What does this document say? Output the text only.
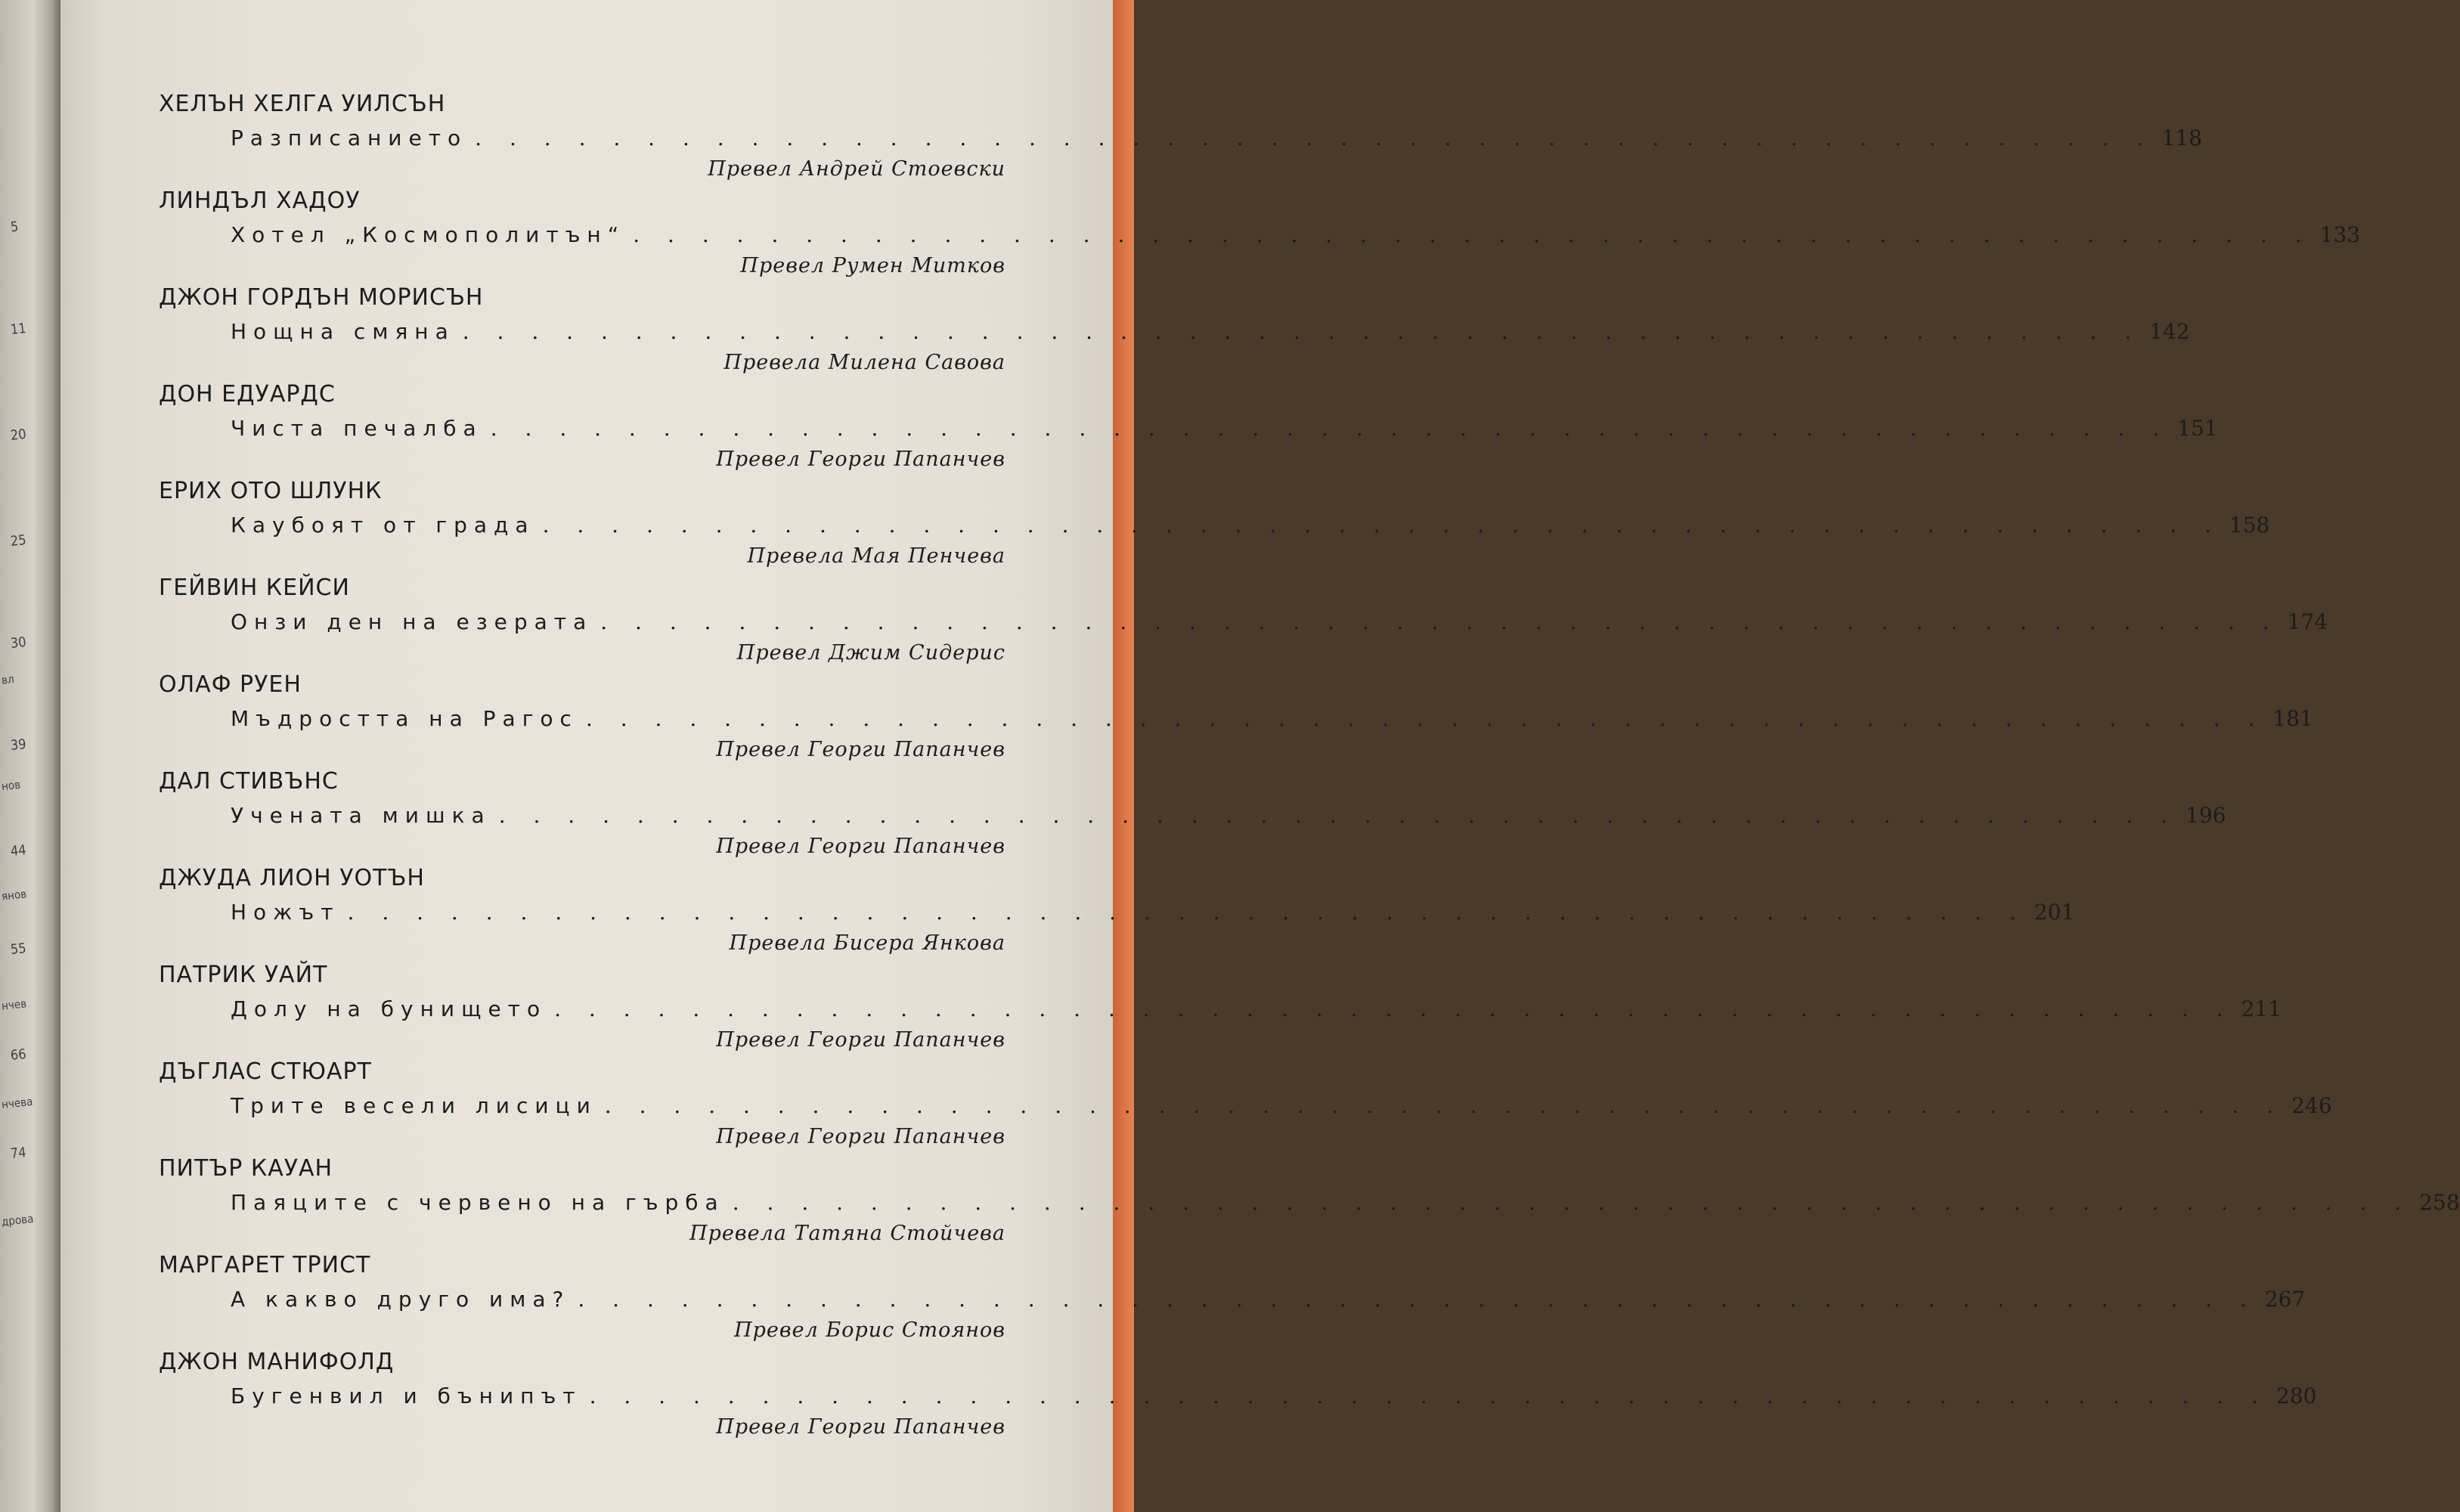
5
11
20
25
30
39
44
55
66
74
вл
нов
янов
нчев
нчева
дрова
ХЕЛЪН ХЕЛГА УИЛСЪН
Разписанието . . . . . . . . . . . . . . . . . . . . . . . . . . . . . . . . . . . . . . . . . . . . . . . . . 118
Превел Андрей Стоевски
ЛИНДЪЛ ХАДОУ
Хотел „Космополитън“ . . . . . . . . . . . . . . . . . . . . . . . . . . . . . . . . . . . . . . . . . . . . . . . . . 133
Превел Румен Митков
ДЖОН ГОРДЪН МОРИСЪН
Нощна смяна . . . . . . . . . . . . . . . . . . . . . . . . . . . . . . . . . . . . . . . . . . . . . . . . . 142
Превела Милена Савова
ДОН ЕДУАРДС
Чиста печалба . . . . . . . . . . . . . . . . . . . . . . . . . . . . . . . . . . . . . . . . . . . . . . . . . 151
Превел Георги Папанчев
ЕРИХ ОТО ШЛУНК
Каубоят от града . . . . . . . . . . . . . . . . . . . . . . . . . . . . . . . . . . . . . . . . . . . . . . . . . 158
Превела Мая Пенчева
ГЕЙВИН КЕЙСИ
Онзи ден на езерата . . . . . . . . . . . . . . . . . . . . . . . . . . . . . . . . . . . . . . . . . . . . . . . . . 174
Превел Джим Сидерис
ОЛАФ РУЕН
Мъдростта на Рагос . . . . . . . . . . . . . . . . . . . . . . . . . . . . . . . . . . . . . . . . . . . . . . . . . 181
Превел Георги Папанчев
ДАЛ СТИВЪНС
Учената мишка . . . . . . . . . . . . . . . . . . . . . . . . . . . . . . . . . . . . . . . . . . . . . . . . . 196
Превел Георги Папанчев
ДЖУДА ЛИОН УОТЪН
Ножът . . . . . . . . . . . . . . . . . . . . . . . . . . . . . . . . . . . . . . . . . . . . . . . . . 201
Превела Бисера Янкова
ПАТРИК УАЙТ
Долу на бунището . . . . . . . . . . . . . . . . . . . . . . . . . . . . . . . . . . . . . . . . . . . . . . . . . 211
Превел Георги Папанчев
ДЪГЛАС СТЮАРТ
Трите весели лисици . . . . . . . . . . . . . . . . . . . . . . . . . . . . . . . . . . . . . . . . . . . . . . . . . 246
Превел Георги Папанчев
ПИТЪР КАУАН
Паяците с червено на гърба . . . . . . . . . . . . . . . . . . . . . . . . . . . . . . . . . . . . . . . . . . . . . . . . . 258
Превела Татяна Стойчева
МАРГАРЕТ ТРИСТ
А какво друго има? . . . . . . . . . . . . . . . . . . . . . . . . . . . . . . . . . . . . . . . . . . . . . . . . . 267
Превел Борис Стоянов
ДЖОН МАНИФОЛД
Бугенвил и бънипът . . . . . . . . . . . . . . . . . . . . . . . . . . . . . . . . . . . . . . . . . . . . . . . . . 280
Превел Георги Папанчев
